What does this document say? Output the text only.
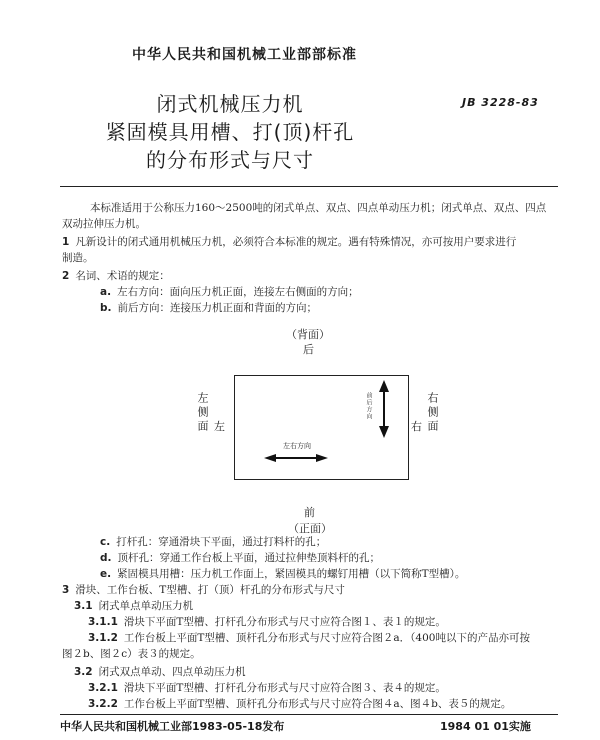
中华人民共和国机械工业部部标准
闭式机械压力机
紧固模具用槽、打(顶)杆孔
的分布形式与尺寸
JB 3228-83
本标准适用于公称压力160～2500吨的闭式单点、双点、四点单动压力机；闭式单点、双点、四点
双动拉伸压力机。
1 凡新设计的闭式通用机械压力机，必须符合本标准的规定。遇有特殊情况，亦可按用户要求进行
制造。
2 名词、术语的规定：
a. 左右方向：面向压力机正面，连接左右侧面的方向；
b. 前后方向：连接压力机正面和背面的方向；
（背面）
后
左侧面 左
前后方向
左右方向
右 右侧面
前
（正面）
c. 打杆孔：穿通滑块下平面，通过打料杆的孔；
d. 顶杆孔：穿通工作台板上平面，通过拉伸垫顶料杆的孔；
e. 紧固模具用槽：压力机工作面上，紧固模具的螺钉用槽（以下简称T型槽）。
3 滑块、工作台板、T型槽、打（顶）杆孔的分布形式与尺寸
3.1 闭式单点单动压力机
3.1.1 滑块下平面T型槽、打杆孔分布形式与尺寸应符合图１、表１的规定。
3.1.2 工作台板上平面T型槽、顶杆孔分布形式与尺寸应符合图２a．（400吨以下的产品亦可按
图２b、图２c）表３的规定。
3.2 闭式双点单动、四点单动压力机
3.2.1 滑块下平面T型槽、打杆孔分布形式与尺寸应符合图３、表４的规定。
3.2.2 工作台板上平面T型槽、顶杆孔分布形式与尺寸应符合图４a、图４b、表５的规定。
中华人民共和国机械工业部1983-05-18发布	1984 01 01实施
